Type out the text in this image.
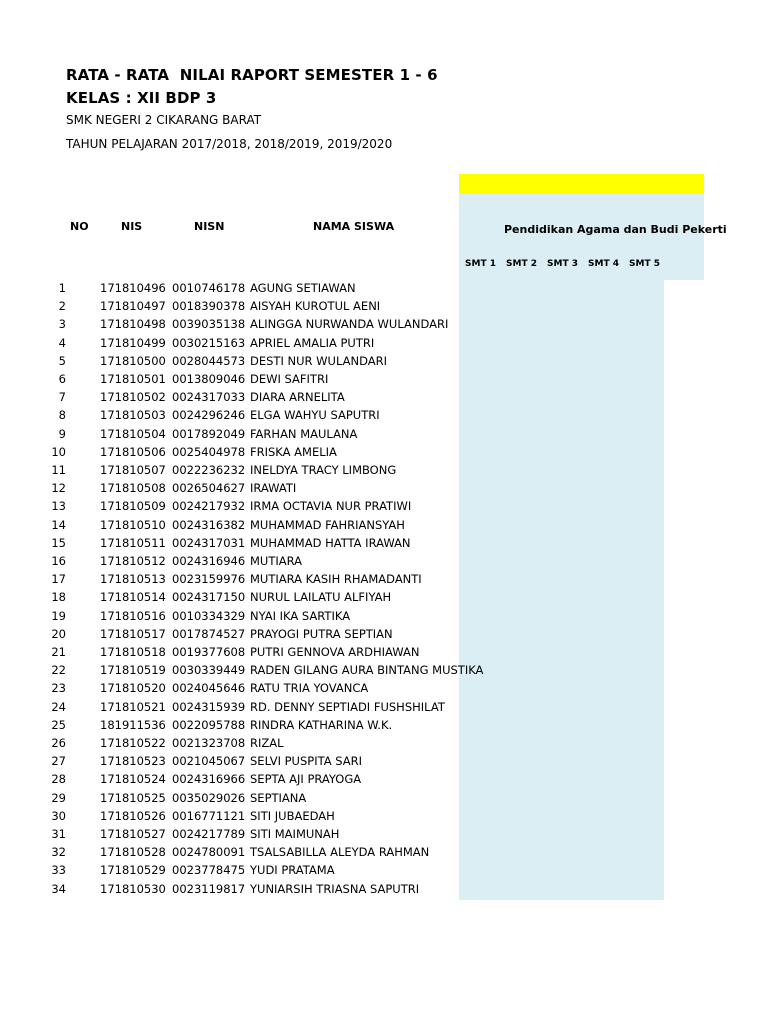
RATA - RATA  NILAI RAPORT SEMESTER 1 - 6
KELAS : XII BDP 3
SMK NEGERI 2 CIKARANG BARAT
TAHUN PELAJARAN 2017/2018, 2018/2019, 2019/2020
NO	NIS	NISN	NAMA SISWA	Pendidikan Agama dan Budi Pekerti
SMT 1 SMT 2 SMT 3 SMT 4 SMT 5
1	171810496 0010746178 AGUNG SETIAWAN
2	171810497 0018390378 AISYAH KUROTUL AENI
3	171810498 0039035138 ALINGGA NURWANDA WULANDARI
4	171810499 0030215163 APRIEL AMALIA PUTRI
5	171810500 0028044573 DESTI NUR WULANDARI
6	171810501 0013809046 DEWI SAFITRI
7	171810502 0024317033 DIARA ARNELITA
8	171810503 0024296246 ELGA WAHYU SAPUTRI
9	171810504 0017892049 FARHAN MAULANA
10	171810506 0025404978 FRISKA AMELIA
11	171810507 0022236232 INELDYA TRACY LIMBONG
12	171810508 0026504627 IRAWATI
13	171810509 0024217932 IRMA OCTAVIA NUR PRATIWI
14	171810510 0024316382 MUHAMMAD FAHRIANSYAH
15	171810511 0024317031 MUHAMMAD HATTA IRAWAN
16	171810512 0024316946 MUTIARA
17	171810513 0023159976 MUTIARA KASIH RHAMADANTI
18	171810514 0024317150 NURUL LAILATU ALFIYAH
19	171810516 0010334329 NYAI IKA SARTIKA
20	171810517 0017874527 PRAYOGI PUTRA SEPTIAN
21	171810518 0019377608 PUTRI GENNOVA ARDHIAWAN
22	171810519 0030339449 RADEN GILANG AURA BINTANG MUSTIKA
23	171810520 0024045646 RATU TRIA YOVANCA
24	171810521 0024315939 RD. DENNY SEPTIADI FUSHSHILAT
25	181911536 0022095788 RINDRA KATHARINA W.K.
26	171810522 0021323708 RIZAL
27	171810523 0021045067 SELVI PUSPITA SARI
28	171810524 0024316966 SEPTA AJI PRAYOGA
29	171810525 0035029026 SEPTIANA
30	171810526 0016771121 SITI JUBAEDAH
31	171810527 0024217789 SITI MAIMUNAH
32	171810528 0024780091 TSALSABILLA ALEYDA RAHMAN
33	171810529 0023778475 YUDI PRATAMA
34	171810530 0023119817 YUNIARSIH TRIASNA SAPUTRI
